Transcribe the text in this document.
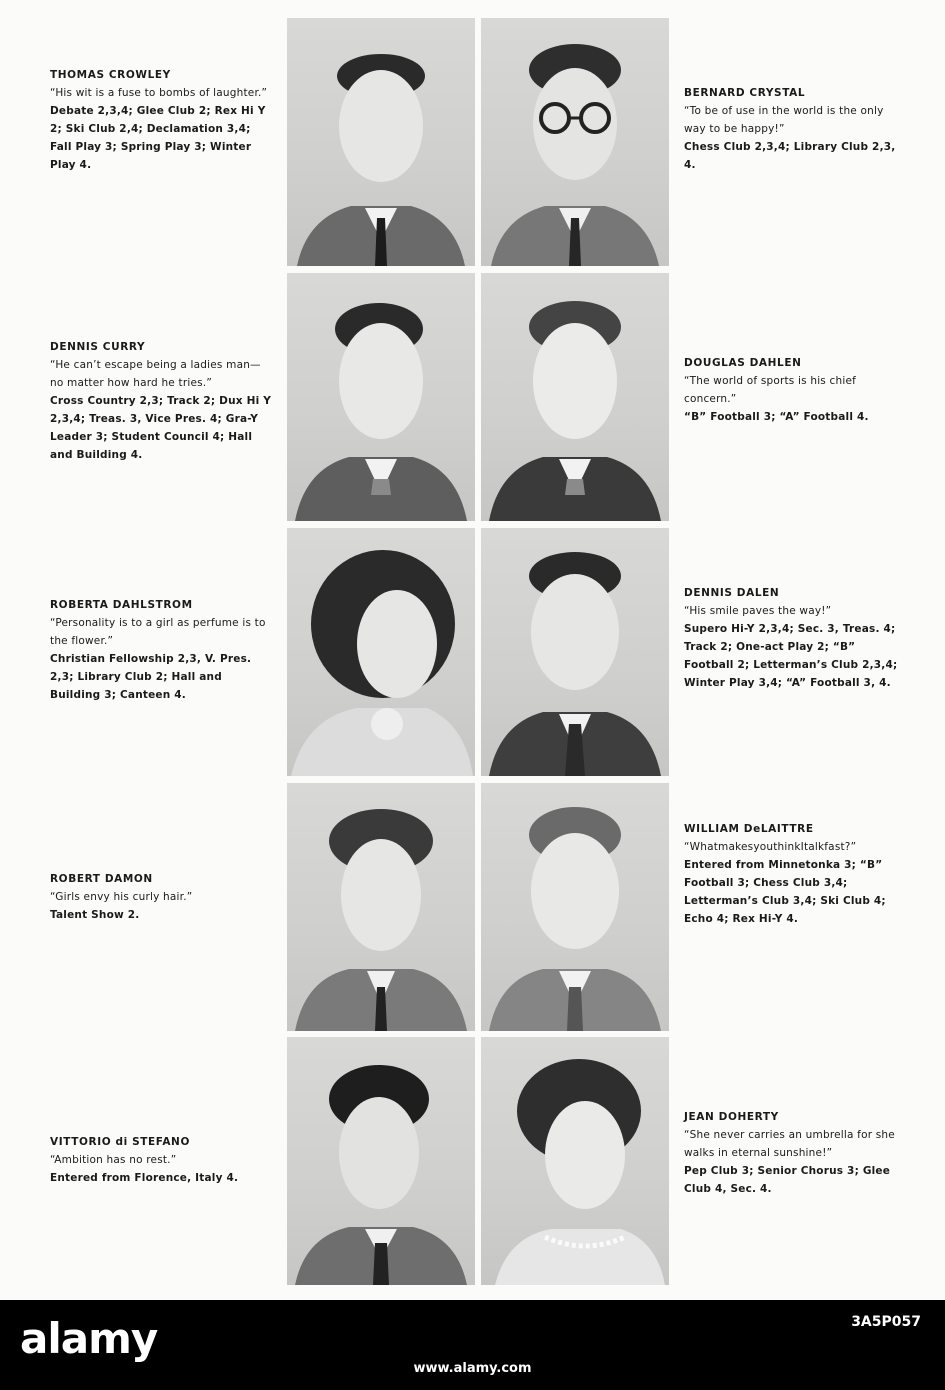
THOMAS CROWLEY
“His wit is a fuse to bombs of laughter.”
Debate 2,3,4; Glee Club 2; Rex Hi Y 2; Ski Club 2,4; Declamation 3,4; Fall Play 3; Spring Play 3; Winter Play 4.
BERNARD CRYSTAL
“To be of use in the world is the only way to be happy!”
Chess Club 2,3,4; Library Club 2,3, 4.
DENNIS CURRY
“He can’t escape being a ladies man—no matter how hard he tries.”
Cross Country 2,3; Track 2; Dux Hi Y 2,3,4; Treas. 3, Vice Pres. 4; Gra-Y Leader 3; Student Council 4; Hall and Building 4.
DOUGLAS DAHLEN
“The world of sports is his chief concern.”
“B” Football 3; “A” Football 4.
ROBERTA DAHLSTROM
“Personality is to a girl as perfume is to the flower.”
Christian Fellowship 2,3, V. Pres. 2,3; Library Club 2; Hall and Building 3; Canteen 4.
DENNIS DALEN
“His smile paves the way!”
Supero Hi-Y 2,3,4; Sec. 3, Treas. 4; Track 2; One-act Play 2; “B” Football 2; Letterman’s Club 2,3,4; Winter Play 3,4; “A” Football 3, 4.
ROBERT DAMON
“Girls envy his curly hair.”
Talent Show 2.
WILLIAM DeLAITTRE
“WhatmakesyouthinkItalkfast?”
Entered from Minnetonka 3; “B” Football 3; Chess Club 3,4; Letterman’s Club 3,4; Ski Club 4; Echo 4; Rex Hi-Y 4.
VITTORIO di STEFANO
“Ambition has no rest.”
Entered from Florence, Italy 4.
JEAN DOHERTY
“She never carries an umbrella for she walks in eternal sunshine!”
Pep Club 3; Senior Chorus 3; Glee Club 4, Sec. 4.
alamy	3A5P057
www.alamy.com
